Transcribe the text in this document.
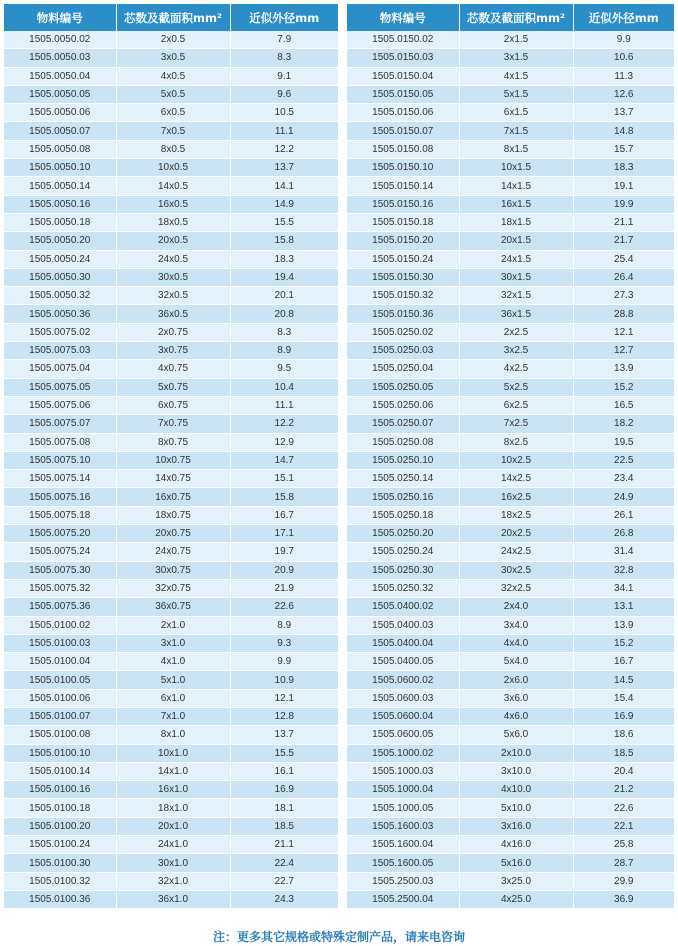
物料编号	芯数及截面积mm²	近似外径mm
1505.0050.02	2x0.5	7.9
1505.0050.03	3x0.5	8.3
1505.0050.04	4x0.5	9.1
1505.0050.05	5x0.5	9.6
1505.0050.06	6x0.5	10.5
1505.0050.07	7x0.5	11.1
1505.0050.08	8x0.5	12.2
1505.0050.10	10x0.5	13.7
1505.0050.14	14x0.5	14.1
1505.0050.16	16x0.5	14.9
1505.0050.18	18x0.5	15.5
1505.0050.20	20x0.5	15.8
1505.0050.24	24x0.5	18.3
1505.0050.30	30x0.5	19.4
1505.0050.32	32x0.5	20.1
1505.0050.36	36x0.5	20.8
1505.0075.02	2x0.75	8.3
1505.0075.03	3x0.75	8.9
1505.0075.04	4x0.75	9.5
1505.0075.05	5x0.75	10.4
1505.0075.06	6x0.75	11.1
1505.0075.07	7x0.75	12.2
1505.0075.08	8x0.75	12.9
1505.0075.10	10x0.75	14.7
1505.0075.14	14x0.75	15.1
1505.0075.16	16x0.75	15.8
1505.0075.18	18x0.75	16.7
1505.0075.20	20x0.75	17.1
1505.0075.24	24x0.75	19.7
1505.0075.30	30x0.75	20.9
1505.0075.32	32x0.75	21.9
1505.0075.36	36x0.75	22.6
1505.0100.02	2x1.0	8.9
1505.0100.03	3x1.0	9.3
1505.0100.04	4x1.0	9.9
1505.0100.05	5x1.0	10.9
1505.0100.06	6x1.0	12.1
1505.0100.07	7x1.0	12.8
1505.0100.08	8x1.0	13.7
1505.0100.10	10x1.0	15.5
1505.0100.14	14x1.0	16.1
1505.0100.16	16x1.0	16.9
1505.0100.18	18x1.0	18.1
1505.0100.20	20x1.0	18.5
1505.0100.24	24x1.0	21.1
1505.0100.30	30x1.0	22.4
1505.0100.32	32x1.0	22.7
1505.0100.36	36x1.0	24.3
物料编号	芯数及截面积mm²	近似外径mm
1505.0150.02	2x1.5	9.9
1505.0150.03	3x1.5	10.6
1505.0150.04	4x1.5	11.3
1505.0150.05	5x1.5	12.6
1505.0150.06	6x1.5	13.7
1505.0150.07	7x1.5	14.8
1505.0150.08	8x1.5	15.7
1505.0150.10	10x1.5	18.3
1505.0150.14	14x1.5	19.1
1505.0150.16	16x1.5	19.9
1505.0150.18	18x1.5	21.1
1505.0150.20	20x1.5	21.7
1505.0150.24	24x1.5	25.4
1505.0150.30	30x1.5	26.4
1505.0150.32	32x1.5	27.3
1505.0150.36	36x1.5	28.8
1505.0250.02	2x2.5	12.1
1505.0250.03	3x2.5	12.7
1505.0250.04	4x2.5	13.9
1505.0250.05	5x2.5	15.2
1505.0250.06	6x2.5	16.5
1505.0250.07	7x2.5	18.2
1505.0250.08	8x2.5	19.5
1505.0250.10	10x2.5	22.5
1505.0250.14	14x2.5	23.4
1505.0250.16	16x2.5	24.9
1505.0250.18	18x2.5	26.1
1505.0250.20	20x2.5	26.8
1505.0250.24	24x2.5	31.4
1505.0250.30	30x2.5	32.8
1505.0250.32	32x2.5	34.1
1505.0400.02	2x4.0	13.1
1505.0400.03	3x4.0	13.9
1505.0400.04	4x4.0	15.2
1505.0400.05	5x4.0	16.7
1505.0600.02	2x6.0	14.5
1505.0600.03	3x6.0	15.4
1505.0600.04	4x6.0	16.9
1505.0600.05	5x6.0	18.6
1505.1000.02	2x10.0	18.5
1505.1000.03	3x10.0	20.4
1505.1000.04	4x10.0	21.2
1505.1000.05	5x10.0	22.6
1505.1600.03	3x16.0	22.1
1505.1600.04	4x16.0	25.8
1505.1600.05	5x16.0	28.7
1505.2500.03	3x25.0	29.9
1505.2500.04	4x25.0	36.9
注：更多其它规格或特殊定制产品，请来电咨询
